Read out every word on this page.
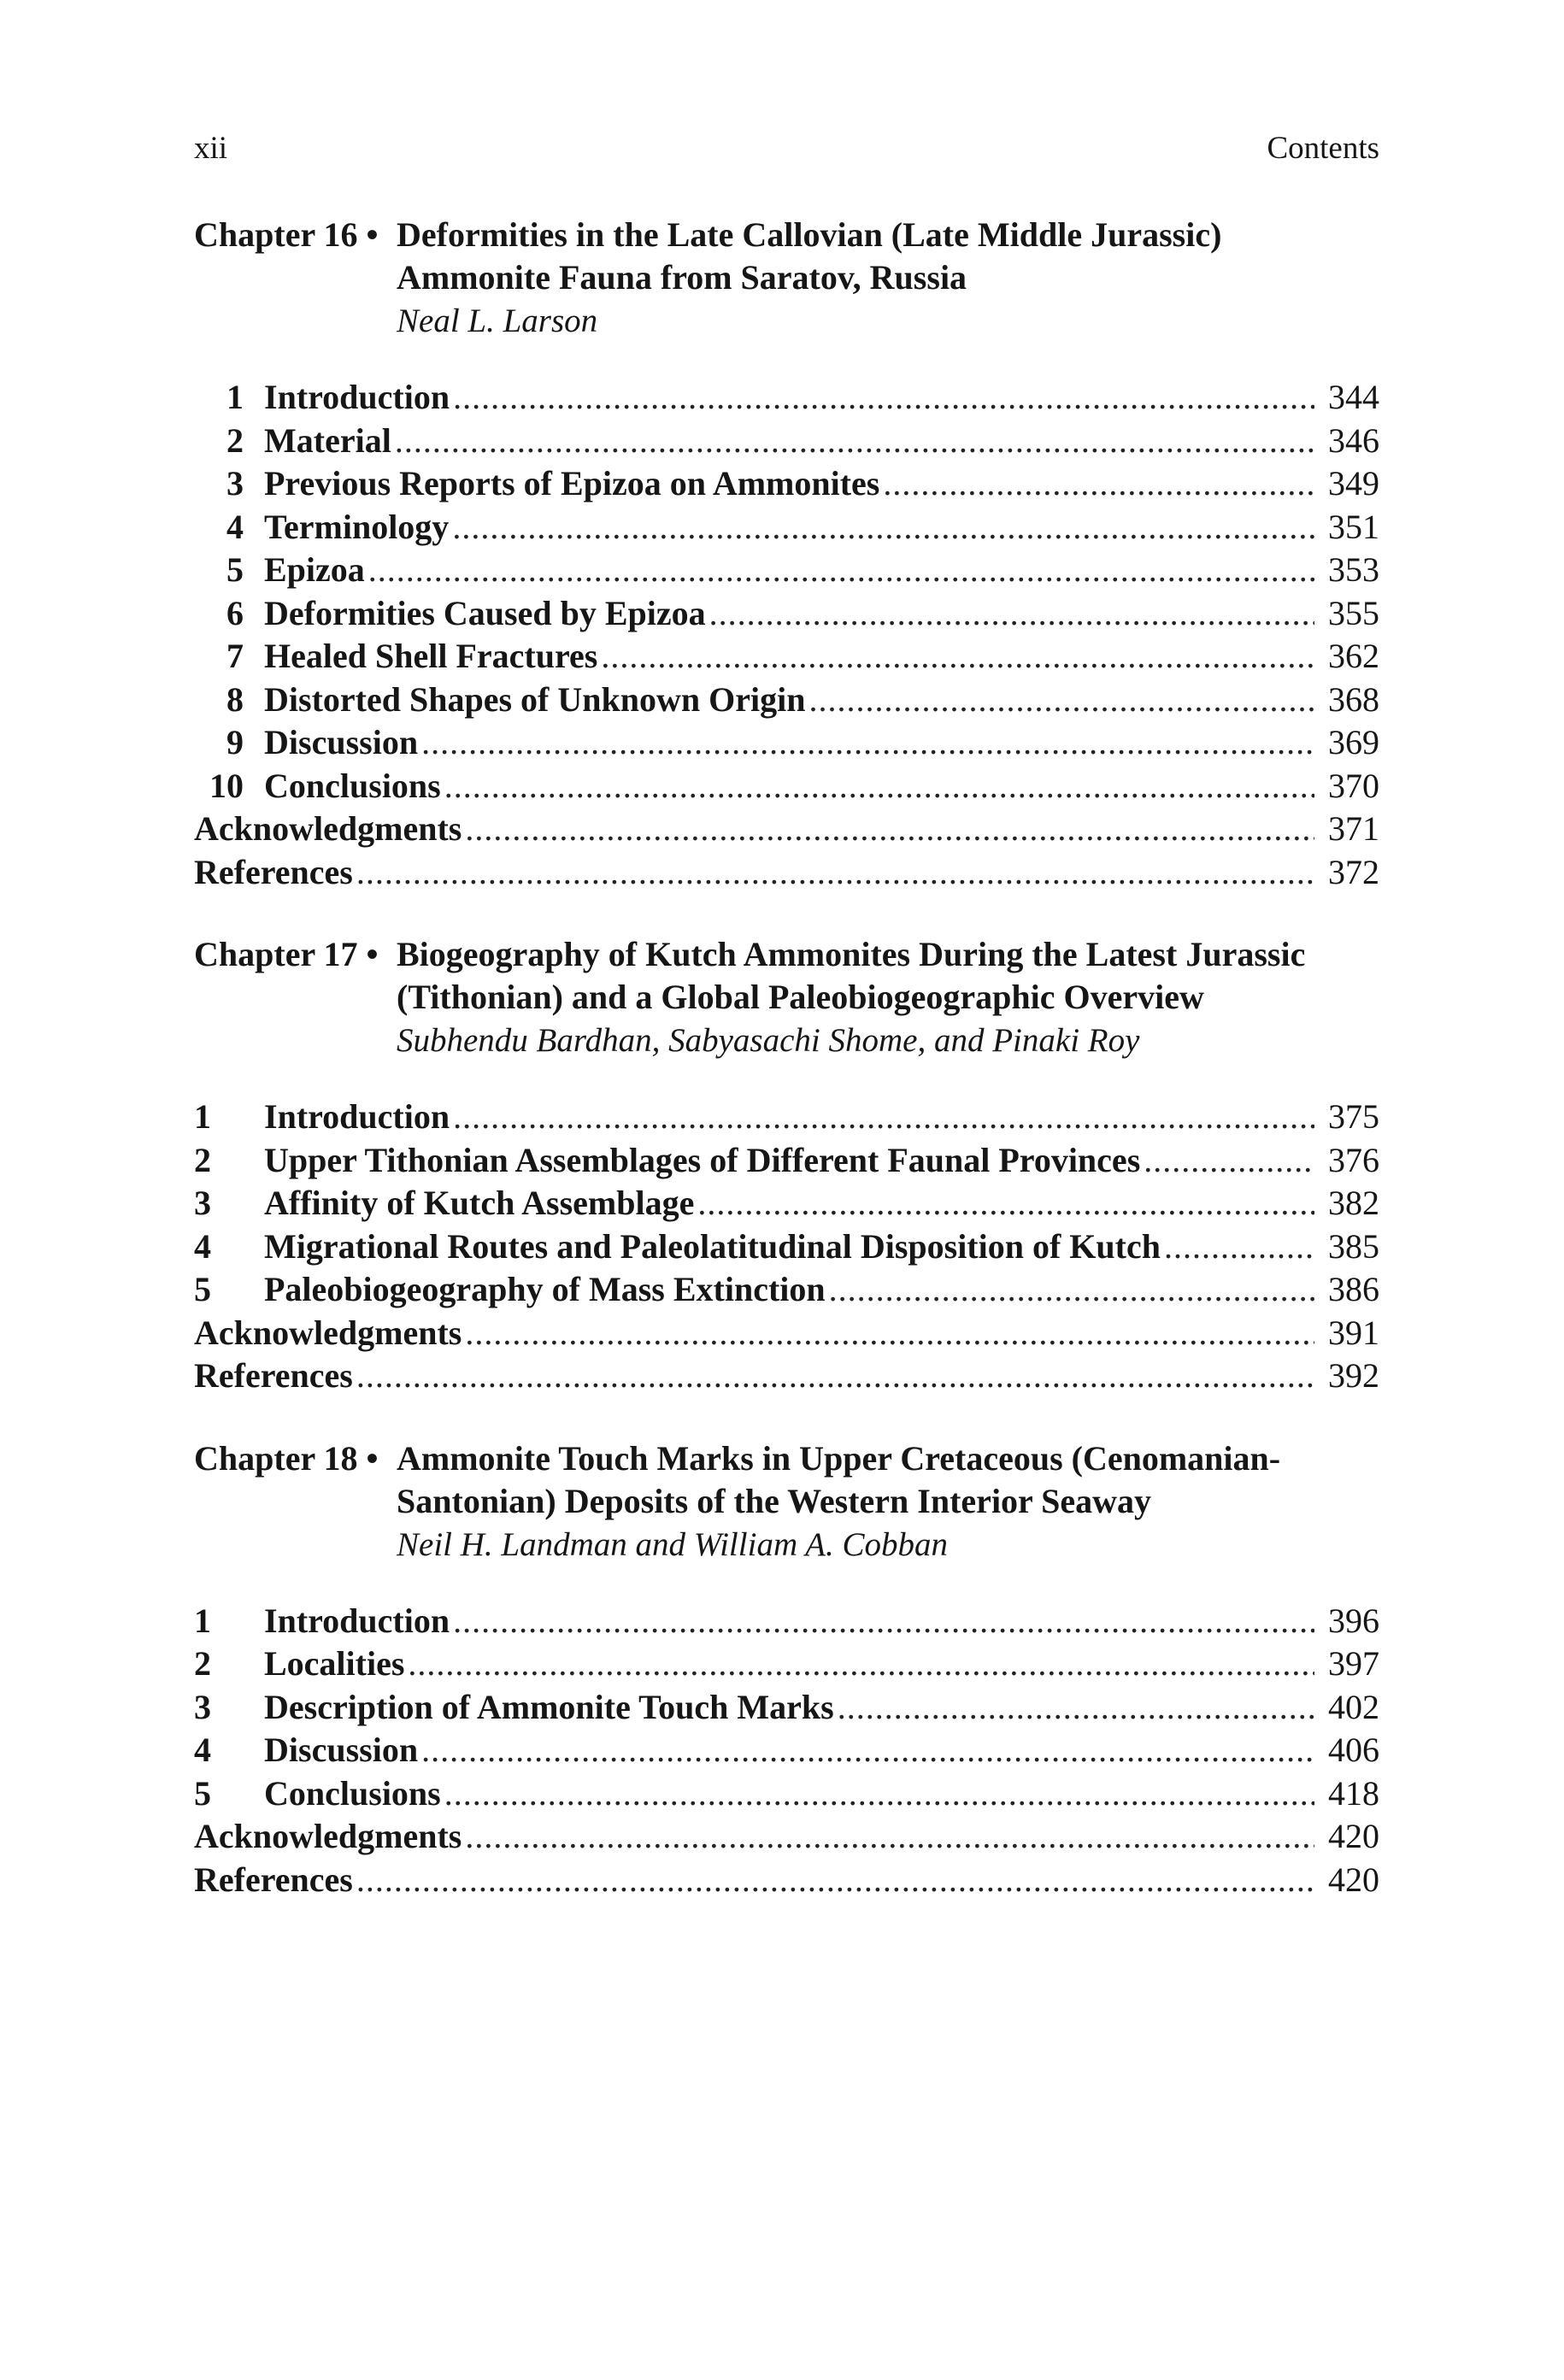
xii	Contents
Chapter 16 • Deformities in the Late Callovian (Late Middle Jurassic)
Ammonite Fauna from Saratov, Russia
Neal L. Larson
1 Introduction .....	344
2 Material .....	346
3 Previous Reports of Epizoa on Ammonites .....	349
4 Terminology .....	351
5 Epizoa .....	353
6 Deformities Caused by Epizoa .....	355
7 Healed Shell Fractures .....	362
8 Distorted Shapes of Unknown Origin .....	368
9 Discussion .....	369
10 Conclusions .....	370
Acknowledgments .....	371
References .....	372
Chapter 17 • Biogeography of Kutch Ammonites During the Latest Jurassic
(Tithonian) and a Global Paleobiogeographic Overview
Subhendu Bardhan, Sabyasachi Shome, and Pinaki Roy
1	Introduction .....	375
2	Upper Tithonian Assemblages of Different Faunal Provinces .....	376
3	Affinity of Kutch Assemblage .....	382
4	Migrational Routes and Paleolatitudinal Disposition of Kutch .....	385
5	Paleobiogeography of Mass Extinction .....	386
Acknowledgments .....	391
References .....	392
Chapter 18 • Ammonite Touch Marks in Upper Cretaceous (Cenomanian-
Santonian) Deposits of the Western Interior Seaway
Neil H. Landman and William A. Cobban
1	Introduction .....	396
2	Localities .....	397
3	Description of Ammonite Touch Marks .....	402
4	Discussion .....	406
5	Conclusions .....	418
Acknowledgments .....	420
References .....	420
